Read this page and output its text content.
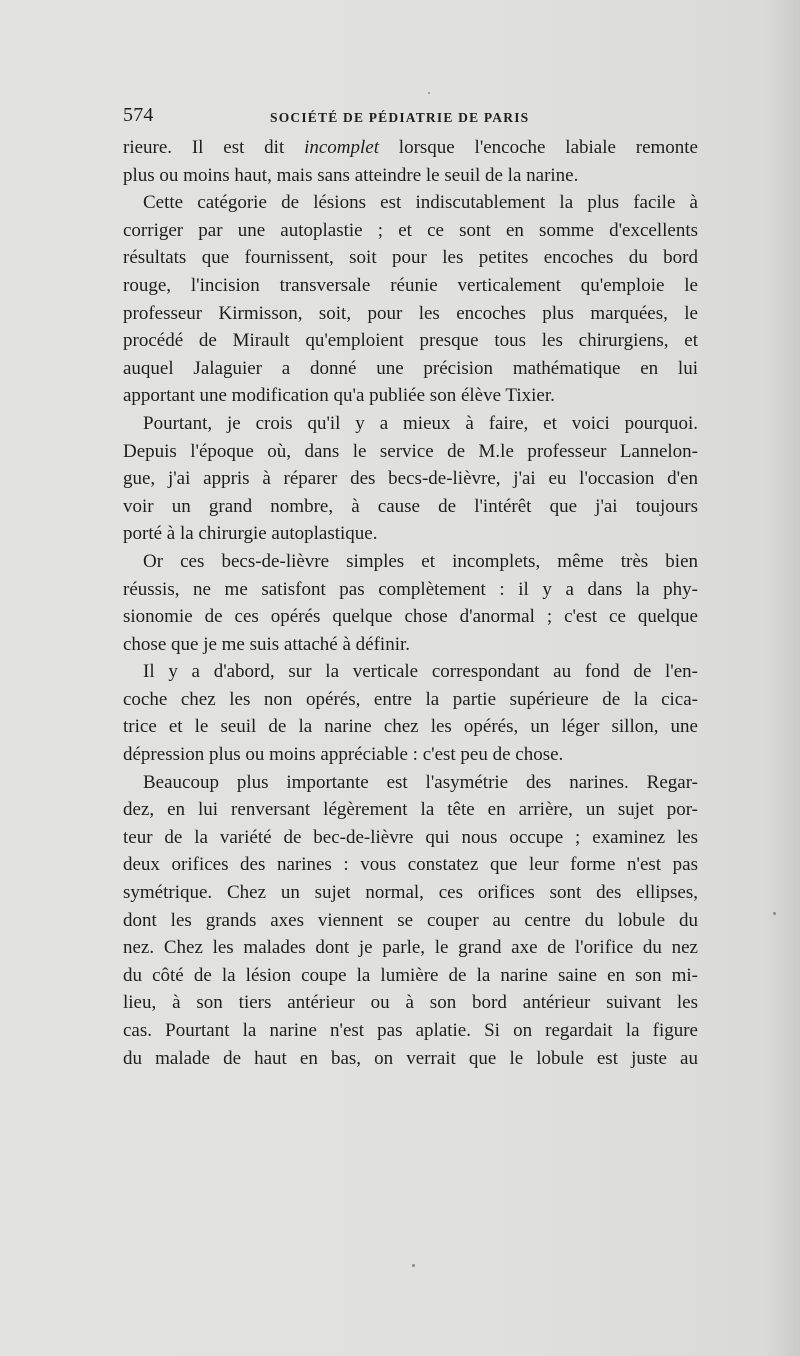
574	SOCIÉTÉ DE PÉDIATRIE DE PARIS
rieure. Il est dit incomplet lorsque l'encoche labiale remonte
plus ou moins haut, mais sans atteindre le seuil de la narine.
Cette catégorie de lésions est indiscutablement la plus facile à
corriger par une autoplastie ; et ce sont en somme d'excellents
résultats que fournissent, soit pour les petites encoches du bord
rouge, l'incision transversale réunie verticalement qu'emploie le
professeur Kirmisson, soit, pour les encoches plus marquées, le
procédé de Mirault qu'emploient presque tous les chirurgiens, et
auquel Jalaguier a donné une précision mathématique en lui
apportant une modification qu'a publiée son élève Tixier.
Pourtant, je crois qu'il y a mieux à faire, et voici pourquoi.
Depuis l'époque où, dans le service de M.le professeur Lannelon-
gue, j'ai appris à réparer des becs-de-lièvre, j'ai eu l'occasion d'en
voir un grand nombre, à cause de l'intérêt que j'ai toujours
porté à la chirurgie autoplastique.
Or ces becs-de-lièvre simples et incomplets, même très bien
réussis, ne me satisfont pas complètement : il y a dans la phy-
sionomie de ces opérés quelque chose d'anormal ; c'est ce quelque
chose que je me suis attaché à définir.
Il y a d'abord, sur la verticale correspondant au fond de l'en-
coche chez les non opérés, entre la partie supérieure de la cica-
trice et le seuil de la narine chez les opérés, un léger sillon, une
dépression plus ou moins appréciable : c'est peu de chose.
Beaucoup plus importante est l'asymétrie des narines. Regar-
dez, en lui renversant légèrement la tête en arrière, un sujet por-
teur de la variété de bec-de-lièvre qui nous occupe ; examinez les
deux orifices des narines : vous constatez que leur forme n'est pas
symétrique. Chez un sujet normal, ces orifices sont des ellipses,
dont les grands axes viennent se couper au centre du lobule du
nez. Chez les malades dont je parle, le grand axe de l'orifice du nez
du côté de la lésion coupe la lumière de la narine saine en son mi-
lieu, à son tiers antérieur ou à son bord antérieur suivant les
cas. Pourtant la narine n'est pas aplatie. Si on regardait la figure
du malade de haut en bas, on verrait que le lobule est juste au
